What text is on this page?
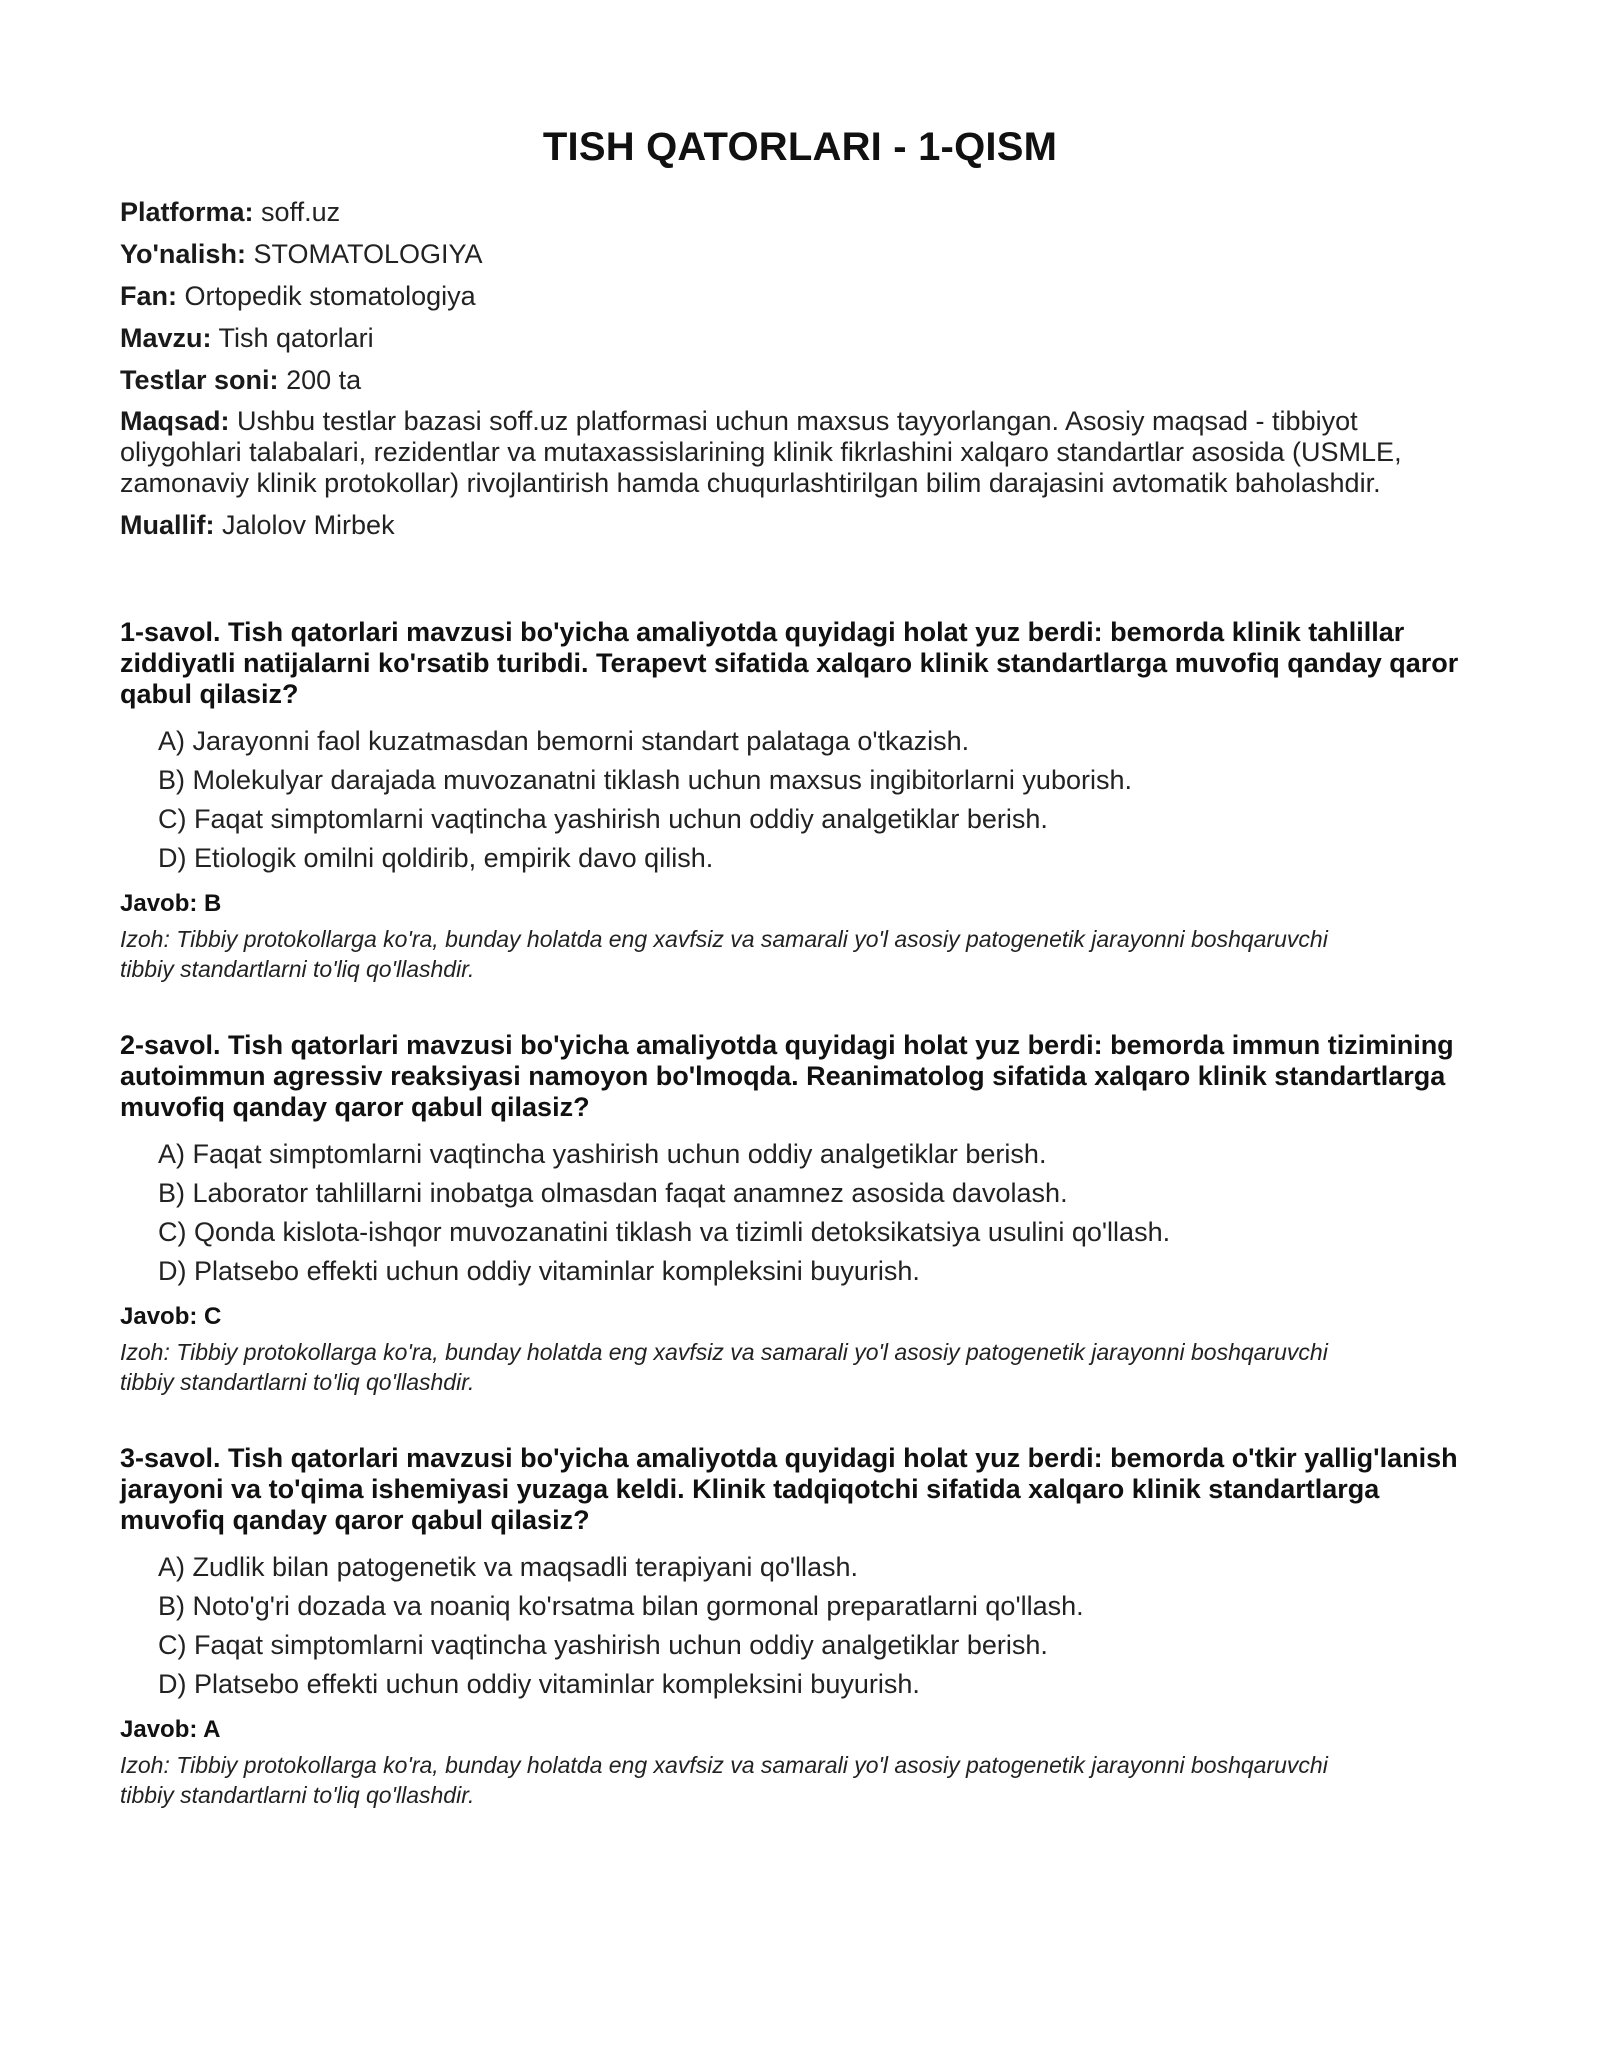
TISH QATORLARI - 1-QISM
Platforma: soff.uz
Yo'nalish: STOMATOLOGIYA
Fan: Ortopedik stomatologiya
Mavzu: Tish qatorlari
Testlar soni: 200 ta
Maqsad: Ushbu testlar bazasi soff.uz platformasi uchun maxsus tayyorlangan. Asosiy maqsad - tibbiyot oliygohlari talabalari, rezidentlar va mutaxassislarining klinik fikrlashini xalqaro standartlar asosida (USMLE, zamonaviy klinik protokollar) rivojlantirish hamda chuqurlashtirilgan bilim darajasini avtomatik baholashdir.
Muallif: Jalolov Mirbek

1-savol. Tish qatorlari mavzusi bo'yicha amaliyotda quyidagi holat yuz berdi: bemorda klinik tahlillar ziddiyatli natijalarni ko'rsatib turibdi. Terapevt sifatida xalqaro klinik standartlarga muvofiq qanday qaror qabul qilasiz?

A) Jarayonni faol kuzatmasdan bemorni standart palataga o'tkazish.
B) Molekulyar darajada muvozanatni tiklash uchun maxsus ingibitorlarni yuborish.
C) Faqat simptomlarni vaqtincha yashirish uchun oddiy analgetiklar berish.
D) Etiologik omilni qoldirib, empirik davo qilish.
Javob: B
Izoh: Tibbiy protokollarga ko'ra, bunday holatda eng xavfsiz va samarali yo'l asosiy patogenetik jarayonni boshqaruvchi tibbiy standartlarni to'liq qo'llashdir.

2-savol. Tish qatorlari mavzusi bo'yicha amaliyotda quyidagi holat yuz berdi: bemorda immun tizimining autoimmun agressiv reaksiyasi namoyon bo'lmoqda. Reanimatolog sifatida xalqaro klinik standartlarga muvofiq qanday qaror qabul qilasiz?

A) Faqat simptomlarni vaqtincha yashirish uchun oddiy analgetiklar berish.
B) Laborator tahlillarni inobatga olmasdan faqat anamnez asosida davolash.
C) Qonda kislota-ishqor muvozanatini tiklash va tizimli detoksikatsiya usulini qo'llash.
D) Platsebo effekti uchun oddiy vitaminlar kompleksini buyurish.
Javob: C
Izoh: Tibbiy protokollarga ko'ra, bunday holatda eng xavfsiz va samarali yo'l asosiy patogenetik jarayonni boshqaruvchi tibbiy standartlarni to'liq qo'llashdir.

3-savol. Tish qatorlari mavzusi bo'yicha amaliyotda quyidagi holat yuz berdi: bemorda o'tkir yallig'lanish jarayoni va to'qima ishemiyasi yuzaga keldi. Klinik tadqiqotchi sifatida xalqaro klinik standartlarga muvofiq qanday qaror qabul qilasiz?

A) Zudlik bilan patogenetik va maqsadli terapiyani qo'llash.
B) Noto'g'ri dozada va noaniq ko'rsatma bilan gormonal preparatlarni qo'llash.
C) Faqat simptomlarni vaqtincha yashirish uchun oddiy analgetiklar berish.
D) Platsebo effekti uchun oddiy vitaminlar kompleksini buyurish.
Javob: A
Izoh: Tibbiy protokollarga ko'ra, bunday holatda eng xavfsiz va samarali yo'l asosiy patogenetik jarayonni boshqaruvchi tibbiy standartlarni to'liq qo'llashdir.
